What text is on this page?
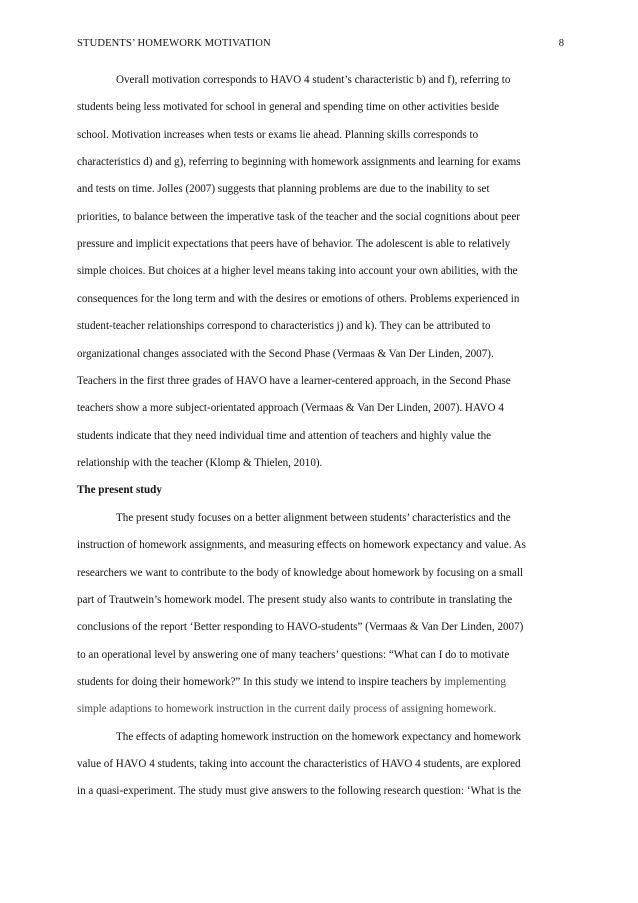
STUDENTS’ HOMEWORK MOTIVATION	8
Overall motivation corresponds to HAVO 4 student’s characteristic b) and f), referring to
students being less motivated for school in general and spending time on other activities beside
school. Motivation increases when tests or exams lie ahead. Planning skills corresponds to
characteristics d) and g), referring to beginning with homework assignments and learning for exams
and tests on time. Jolles (2007) suggests that planning problems are due to the inability to set
priorities, to balance between the imperative task of the teacher and the social cognitions about peer
pressure and implicit expectations that peers have of behavior. The adolescent is able to relatively
simple choices. But choices at a higher level means taking into account your own abilities, with the
consequences for the long term and with the desires or emotions of others. Problems experienced in
student-teacher relationships correspond to characteristics j) and k). They can be attributed to
organizational changes associated with the Second Phase (Vermaas & Van Der Linden, 2007).
Teachers in the first three grades of HAVO have a learner-centered approach, in the Second Phase
teachers show a more subject-orientated approach (Vermaas & Van Der Linden, 2007). HAVO 4
students indicate that they need individual time and attention of teachers and highly value the
relationship with the teacher (Klomp & Thielen, 2010).
The present study
The present study focuses on a better alignment between students’ characteristics and the
instruction of homework assignments, and measuring effects on homework expectancy and value. As
researchers we want to contribute to the body of knowledge about homework by focusing on a small
part of Trautwein’s homework model. The present study also wants to contribute in translating the
conclusions of the report ‘Better responding to HAVO-students” (Vermaas & Van Der Linden, 2007)
to an operational level by answering one of many teachers’ questions: “What can I do to motivate
students for doing their homework?” In this study we intend to inspire teachers by implementing
simple adaptions to homework instruction in the current daily process of assigning homework.
The effects of adapting homework instruction on the homework expectancy and homework
value of HAVO 4 students, taking into account the characteristics of HAVO 4 students, are explored
in a quasi-experiment. The study must give answers to the following research question: ‘What is the
